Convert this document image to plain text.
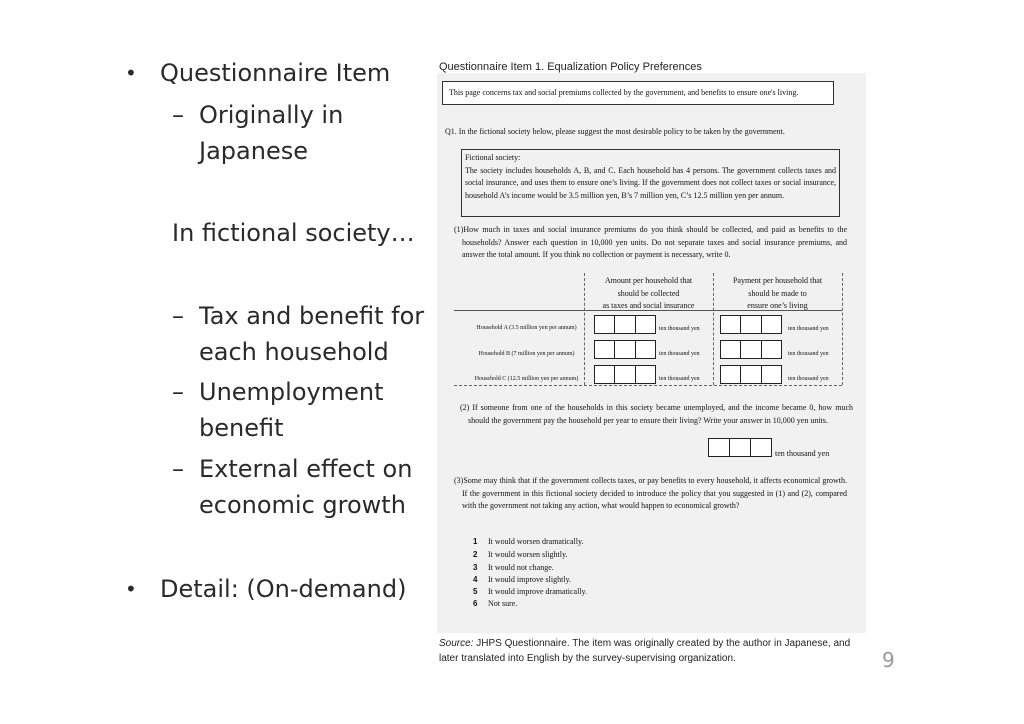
• Questionnaire Item
– Originally in
Japanese
In fictional society…
– Tax and benefit for
each household
– Unemployment
benefit
– External effect on
economic growth
• Detail: (On-demand)
Questionnaire Item 1. Equalization Policy Preferences
This page concerns tax and social premiums collected by the government, and benefits to ensure one's living.
Q1. In the fictional society below, please suggest the most desirable policy to be taken by the government.
Fictional society:
The society includes households A, B, and C. Each household has 4 persons. The government collects taxes and social insurance, and uses them to ensure one’s living. If the government does not collect taxes or social insurance, household A’s income would be 3.5 million yen, B’s 7 million yen, C’s 12.5 million yen per annum.
(1)How much in taxes and social insurance premiums do you think should be collected, and paid as benefits to the households? Answer each question in 10,000 yen units. Do not separate taxes and social insurance premiums, and answer the total amount. If you think no collection or payment is necessary, write 0.
Amount per household that
should be collected
as taxes and social insurance
Payment per household that
should be made to
ensure one’s living
Household A (3.5 million yen per annum)	ten thousand yen	ten thousand yen
Household B (7 million yen per annum)	ten thousand yen	ten thousand yen
Household C (12.5 million yen per annum)	ten thousand yen	ten thousand yen
(2) If someone from one of the households in this society became unemployed, and the income became 0, how much should the government pay the household per year to ensure their living? Write your answer in 10,000 yen units.
ten thousand yen
(3)Some may think that if the government collects taxes, or pay benefits to every household, it affects economical growth. If the government in this fictional society decided to introduce the policy that you suggested in (1) and (2), compared with the government not taking any action, what would happen to economical growth?
1 It would worsen dramatically.
2 It would worsen slightly.
3 It would not change.
4 It would improve slightly.
5 It would improve dramatically.
6 Not sure.
Source: JHPS Questionnaire. The item was originally created by the author in Japanese, and later translated into English by the survey-supervising organization.	9
